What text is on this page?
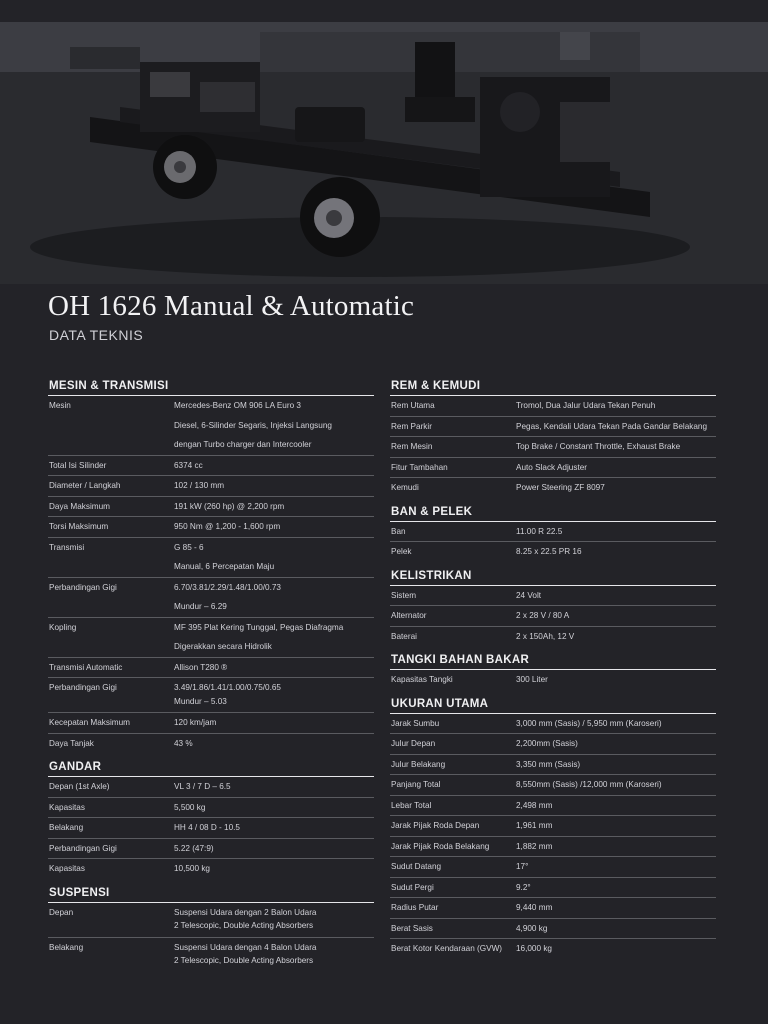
OH 1626 Manual & Automatic
DATA TEKNIS
MESIN & TRANSMISI
Mesin	Mercedes-Benz OM 906 LA Euro 3
Diesel, 6-Silinder Segaris, Injeksi Langsung
dengan Turbo charger dan Intercooler
Total Isi Silinder	6374 cc
Diameter / Langkah	102 / 130 mm
Daya Maksimum	191 kW (260 hp) @ 2,200 rpm
Torsi Maksimum	950 Nm @ 1,200 - 1,600 rpm
Transmisi	G 85 - 6
Manual, 6 Percepatan Maju
Perbandingan Gigi	6.70/3.81/2.29/1.48/1.00/0.73
Mundur – 6.29
Kopling	MF 395 Plat Kering Tunggal, Pegas Diafragma
Digerakkan secara Hidrolik
Transmisi Automatic	Allison T280 ®
Perbandingan Gigi	3.49/1.86/1.41/1.00/0.75/0.65
Mundur – 5.03
Kecepatan Maksimum	120 km/jam
Daya Tanjak	43 %
GANDAR
Depan (1st Axle)	VL 3 / 7 D – 6.5
Kapasitas	5,500 kg
Belakang	HH 4 / 08 D - 10.5
Perbandingan Gigi	5.22 (47:9)
Kapasitas	10,500 kg
SUSPENSI
Depan	Suspensi Udara dengan 2 Balon Udara
2 Telescopic, Double Acting Absorbers
Belakang	Suspensi Udara dengan 4 Balon Udara
2 Telescopic, Double Acting Absorbers
REM & KEMUDI
Rem Utama	Tromol, Dua Jalur Udara Tekan Penuh
Rem Parkir	Pegas, Kendali Udara Tekan Pada Gandar Belakang
Rem Mesin	Top Brake / Constant Throttle, Exhaust Brake
Fitur Tambahan	Auto Slack Adjuster
Kemudi	Power Steering ZF 8097
BAN & PELEK
Ban	11.00 R 22.5
Pelek	8.25 x 22.5 PR 16
KELISTRIKAN
Sistem	24 Volt
Alternator	2 x 28 V / 80 A
Baterai	2 x 150Ah, 12 V
TANGKI BAHAN BAKAR
Kapasitas Tangki	300 Liter
UKURAN UTAMA
Jarak Sumbu	3,000 mm (Sasis) / 5,950 mm (Karoseri)
Julur Depan	2,200mm (Sasis)
Julur Belakang	3,350 mm (Sasis)
Panjang Total	8,550mm (Sasis) /12,000 mm (Karoseri)
Lebar Total	2,498 mm
Jarak Pijak Roda Depan	1,961 mm
Jarak Pijak Roda Belakang	1,882 mm
Sudut Datang	17°
Sudut Pergi	9.2°
Radius Putar	9,440 mm
Berat Sasis	4,900 kg
Berat Kotor Kendaraan (GVW)	16,000 kg
